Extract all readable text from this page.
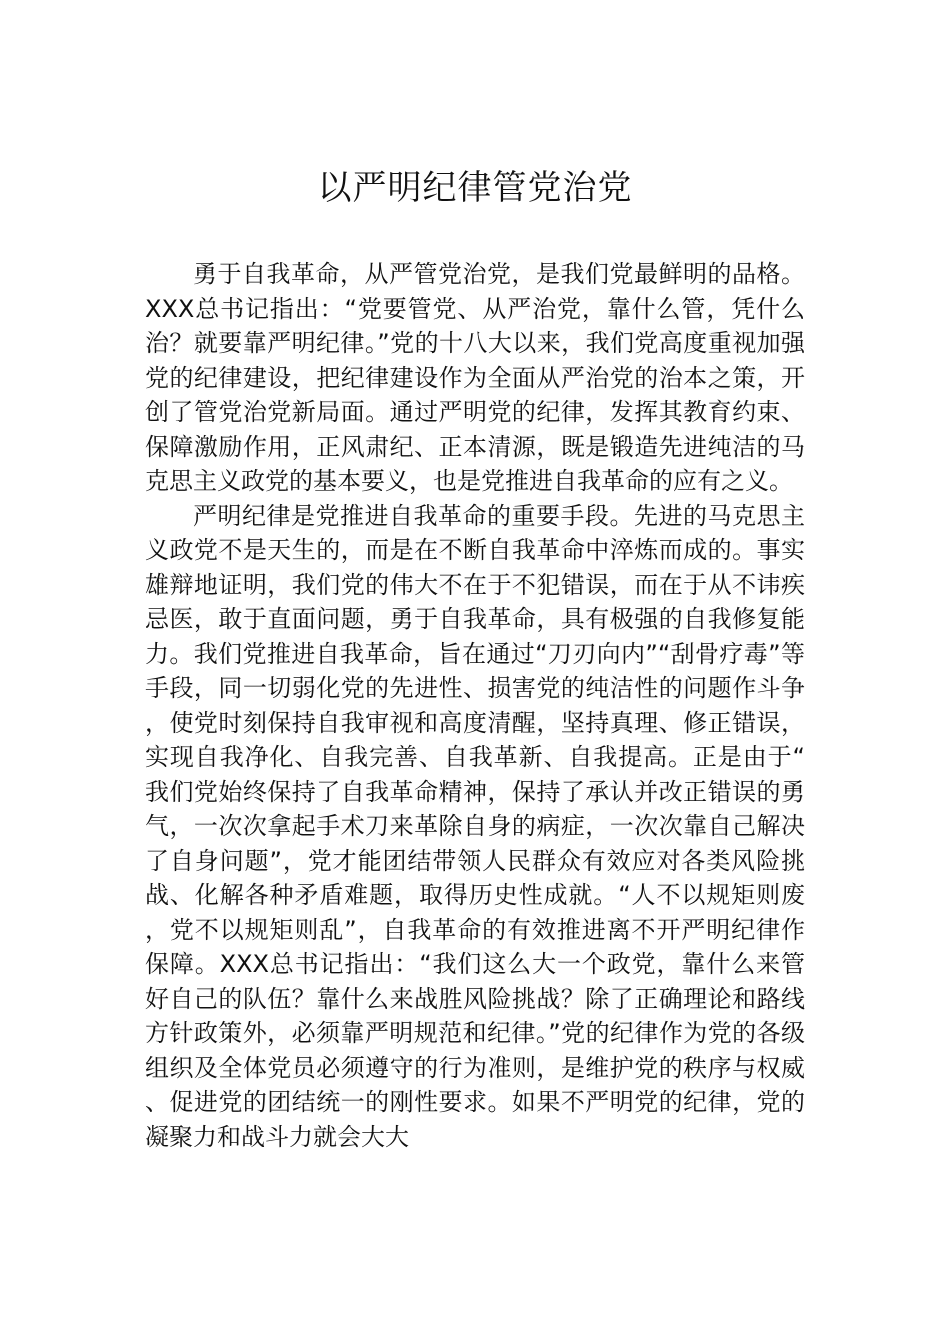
以严明纪律管党治党

勇于自我革命，从严管党治党，是我们党最鲜明的品格。XXX总书记指出：“党要管党、从严治党，靠什么管，凭什么治？就要靠严明纪律。”党的十八大以来，我们党高度重视加强党的纪律建设，把纪律建设作为全面从严治党的治本之策，开创了管党治党新局面。通过严明党的纪律，发挥其教育约束、保障激励作用，正风肃纪、正本清源，既是锻造先进纯洁的马克思主义政党的基本要义，也是党推进自我革命的应有之义。

严明纪律是党推进自我革命的重要手段。先进的马克思主义政党不是天生的，而是在不断自我革命中淬炼而成的。事实雄辩地证明，我们党的伟大不在于不犯错误，而在于从不讳疾忌医，敢于直面问题，勇于自我革命，具有极强的自我修复能力。我们党推进自我革命，旨在通过“刀刃向内”“刮骨疗毒”等手段，同一切弱化党的先进性、损害党的纯洁性的问题作斗争，使党时刻保持自我审视和高度清醒，坚持真理、修正错误，实现自我净化、自我完善、自我革新、自我提高。正是由于“我们党始终保持了自我革命精神，保持了承认并改正错误的勇气，一次次拿起手术刀来革除自身的病症，一次次靠自己解决了自身问题”，党才能团结带领人民群众有效应对各类风险挑战、化解各种矛盾难题，取得历史性成就。“人不以规矩则废，党不以规矩则乱”，自我革命的有效推进离不开严明纪律作保障。XXX总书记指出：“我们这么大一个政党，靠什么来管好自己的队伍？靠什么来战胜风险挑战？除了正确理论和路线方针政策外，必须靠严明规范和纪律。”党的纪律作为党的各级组织及全体党员必须遵守的行为准则，是维护党的秩序与权威、促进党的团结统一的刚性要求。如果不严明党的纪律，党的凝聚力和战斗力就会大大
